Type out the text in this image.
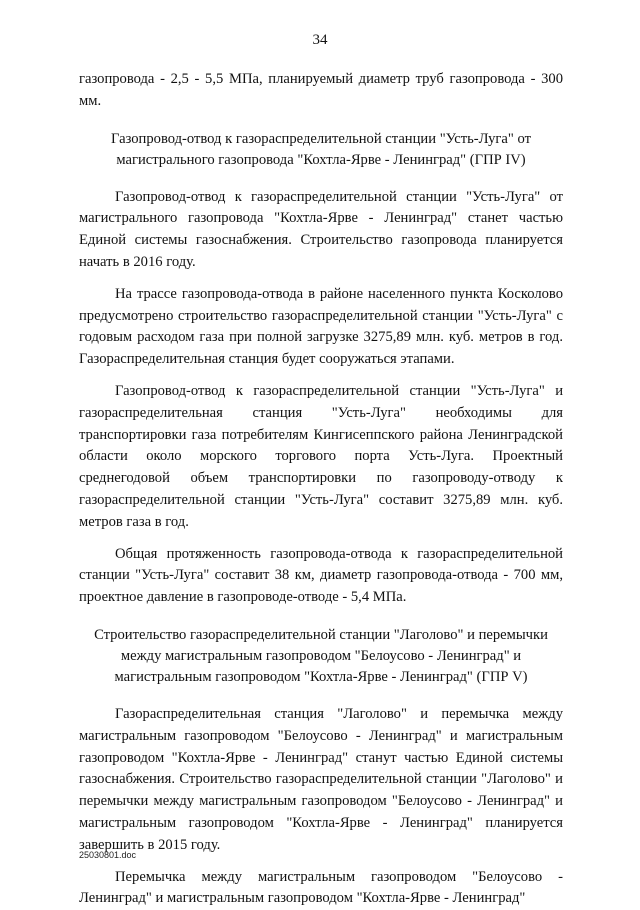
34

газопровода - 2,5 - 5,5 МПа, планируемый диаметр труб газопровода - 300 мм.

Газопровод-отвод к газораспределительной станции "Усть-Луга" от магистрального газопровода "Кохтла-Ярве - Ленинград" (ГПР IV)

Газопровод-отвод к газораспределительной станции "Усть-Луга" от магистрального газопровода "Кохтла-Ярве - Ленинград" станет частью Единой системы газоснабжения. Строительство газопровода планируется начать в 2016 году.

На трассе газопровода-отвода в районе населенного пункта Косколово предусмотрено строительство газораспределительной станции "Усть-Луга" с годовым расходом газа при полной загрузке 3275,89 млн. куб. метров в год. Газораспределительная станция будет сооружаться этапами.

Газопровод-отвод к газораспределительной станции "Усть-Луга" и газораспределительная станция "Усть-Луга" необходимы для транспортировки газа потребителям Кингисеппского района Ленинградской области около морского торгового порта Усть-Луга. Проектный среднегодовой объем транспортировки по газопроводу-отводу к газораспределительной станции "Усть-Луга" составит 3275,89 млн. куб. метров газа в год.

Общая протяженность газопровода-отвода к газораспределительной станции "Усть-Луга" составит 38 км, диаметр газопровода-отвода - 700 мм, проектное давление в газопроводе-отводе - 5,4 МПа.

Строительство газораспределительной станции "Лаголово" и перемычки между магистральным газопроводом "Белоусово - Ленинград" и магистральным газопроводом "Кохтла-Ярве - Ленинград" (ГПР V)

Газораспределительная станция "Лаголово" и перемычка между магистральным газопроводом "Белоусово - Ленинград" и магистральным газопроводом "Кохтла-Ярве - Ленинград" станут частью Единой системы газоснабжения. Строительство газораспределительной станции "Лаголово" и перемычки между магистральным газопроводом "Белоусово - Ленинград" и магистральным газопроводом "Кохтла-Ярве - Ленинград" планируется завершить в 2015 году.

Перемычка между магистральным газопроводом "Белоусово - Ленинград" и магистральным газопроводом "Кохтла-Ярве - Ленинград"

25030801.doc
